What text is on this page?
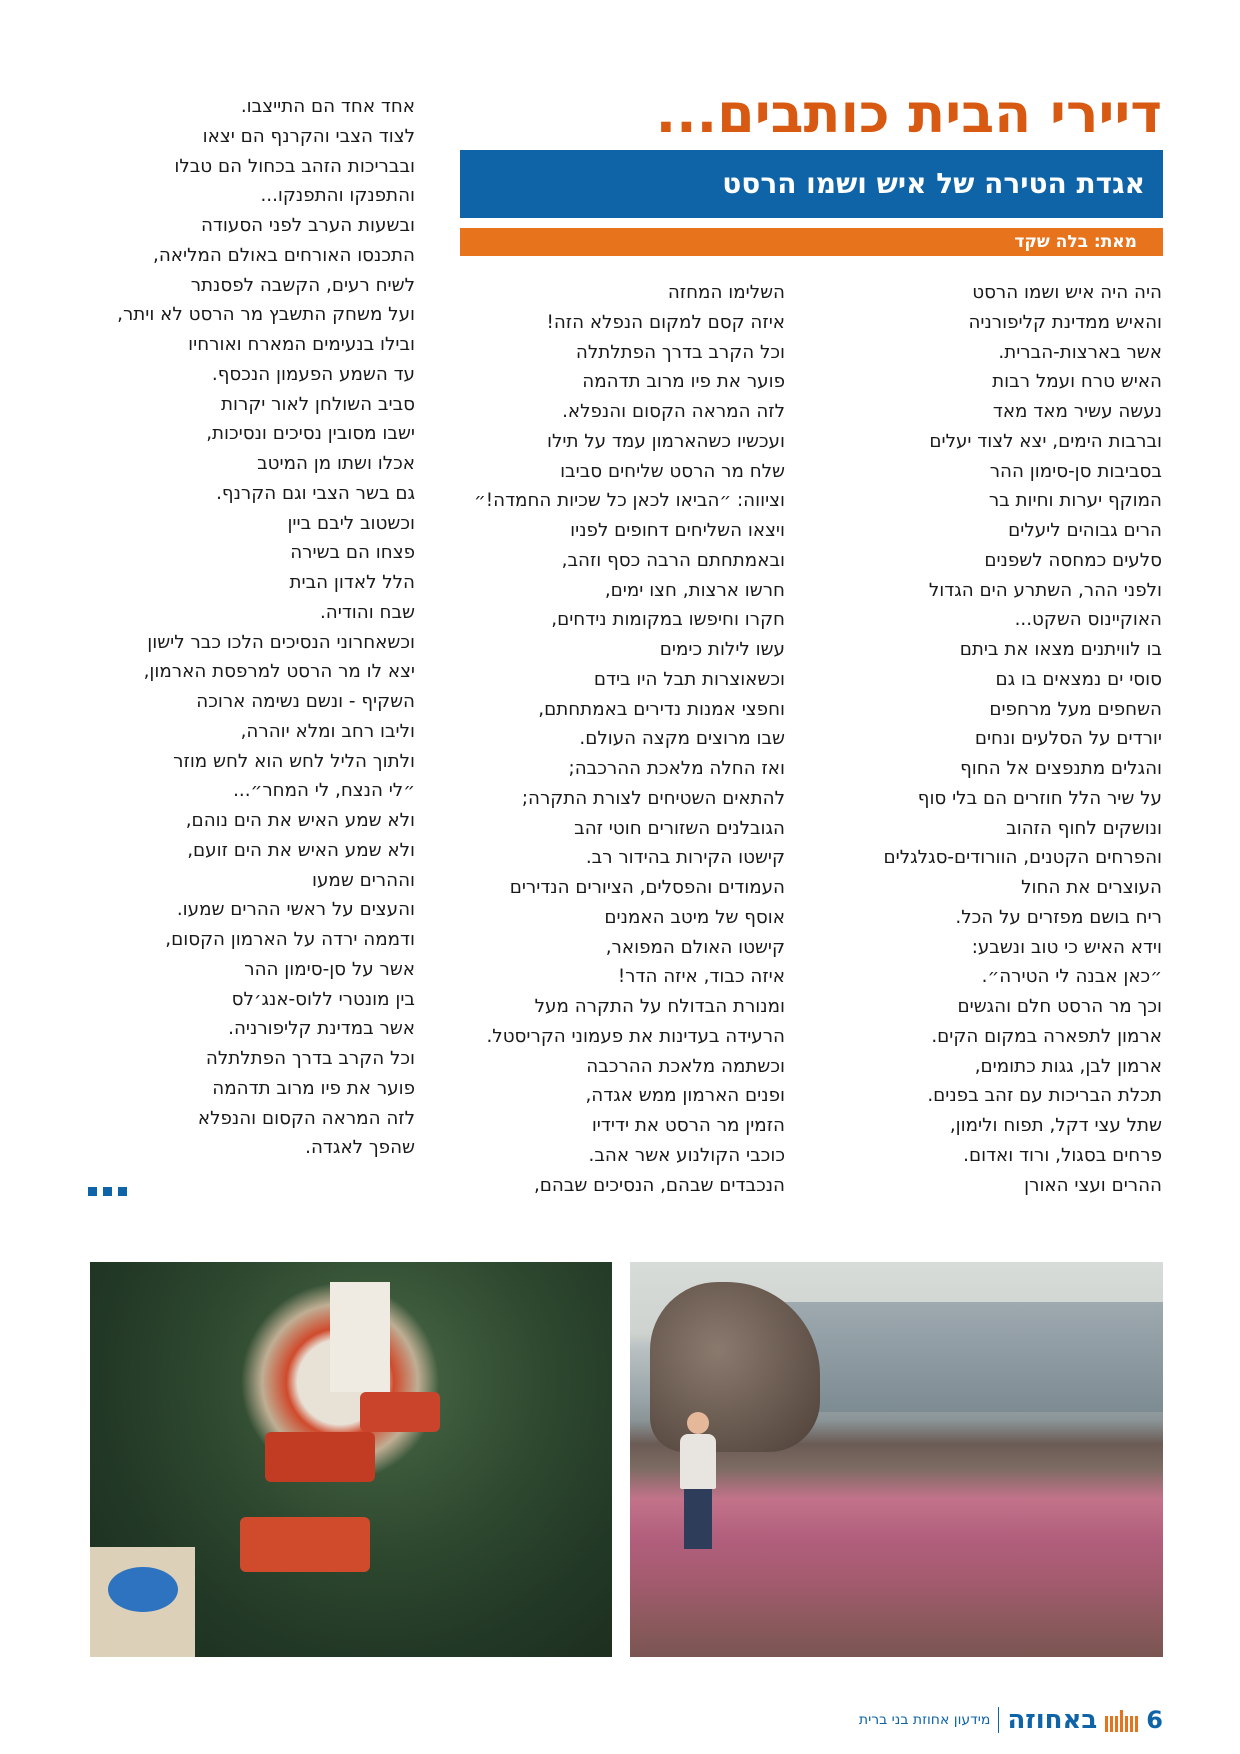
דיירי הבית כותבים...
אגדת הטירה של איש ושמו הרסט
מאת: בלה שקד
היה היה איש ושמו הרסט
והאיש ממדינת קליפורניה
אשר בארצות-הברית.
האיש טרח ועמל רבות
נעשה עשיר מאד מאד
וברבות הימים, יצא לצוד יעלים
בסביבות סן-סימון ההר
המוקף יערות וחיות בר
הרים גבוהים ליעלים
סלעים כמחסה לשפנים
ולפני ההר, השתרע הים הגדול
האוקיינוס השקט...
בו לוויתנים מצאו את ביתם
סוסי ים נמצאים בו גם
השחפים מעל מרחפים
יורדים על הסלעים ונחים
והגלים מתנפצים אל החוף
על שיר הלל חוזרים הם בלי סוף
ונושקים לחוף הזהוב
והפרחים הקטנים, הוורודים-סגלגלים
העוצרים את החול
ריח בושם מפזרים על הכל.
וידא האיש כי טוב ונשבע:
״כאן אבנה לי הטירה״.
וכך מר הרסט חלם והגשים
ארמון לתפארה במקום הקים.
ארמון לבן, גגות כתומים,
תכלת הבריכות עם זהב בפנים.
שתל עצי דקל, תפוח ולימון,
פרחים בסגול, ורוד ואדום.
ההרים ועצי האורן
השלימו המחזה
איזה קסם למקום הנפלא הזה!
וכל הקרב בדרך הפתלתלה
פוער את פיו מרוב תדהמה
לזה המראה הקסום והנפלא.
ועכשיו כשהארמון עמד על תילו
שלח מר הרסט שליחים סביבו
וציווה: ״הביאו לכאן כל שכיות החמדה!״
ויצאו השליחים דחופים לפניו
ובאמתחתם הרבה כסף וזהב,
חרשו ארצות, חצו ימים,
חקרו וחיפשו במקומות נידחים,
עשו לילות כימים
וכשאוצרות תבל היו בידם
וחפצי אמנות נדירים באמתחתם,
שבו מרוצים מקצה העולם.
ואז החלה מלאכת ההרכבה;
להתאים השטיחים לצורת התקרה;
הגובלנים השזורים חוטי זהב
קישטו הקירות בהידור רב.
העמודים והפסלים, הציורים הנדירים
אוסף של מיטב האמנים
קישטו האולם המפואר,
איזה כבוד, איזה הדר!
ומנורת הבדולח על התקרה מעל
הרעידה בעדינות את פעמוני הקריסטל.
וכשתמה מלאכת ההרכבה
ופנים הארמון ממש אגדה,
הזמין מר הרסט את ידידיו
כוכבי הקולנוע אשר אהב.
הנכבדים שבהם, הנסיכים שבהם,
אחד אחד הם התייצבו.
לצוד הצבי והקרנף הם יצאו
ובבריכות הזהב בכחול הם טבלו
והתפנקו והתפנקו...
ובשעות הערב לפני הסעודה
התכנסו האורחים באולם המליאה,
לשיח רעים, הקשבה לפסנתר
ועל משחק התשבץ מר הרסט לא ויתר,
ובילו בנעימים המארח ואורחיו
עד השמע הפעמון הנכסף.
סביב השולחן לאור יקרות
ישבו מסובין נסיכים ונסיכות,
אכלו ושתו מן המיטב
גם בשר הצבי וגם הקרנף.
וכשטוב ליבם ביין
פצחו הם בשירה
הלל לאדון הבית
שבח והודיה.
וכשאחרוני הנסיכים הלכו כבר לישון
יצא לו מר הרסט למרפסת הארמון,
השקיף - ונשם נשימה ארוכה
וליבו רחב ומלא יוהרה,
ולתוך הליל לחש הוא לחש מוזר
״לי הנצח, לי המחר״...
ולא שמע האיש את הים נוהם,
ולא שמע האיש את הים זועם,
וההרים שמעו
והעצים על ראשי ההרים שמעו.
ודממה ירדה על הארמון הקסום,
אשר על סן-סימון ההר
בין מונטרי ללוס-אנג׳לס
אשר במדינת קליפורניה.
וכל הקרב בדרך הפתלתלה
פוער את פיו מרוב תדהמה
לזה המראה הקסום והנפלא
שהפך לאגדה.
6
באחוזה
מידעון אחוזת בני ברית
